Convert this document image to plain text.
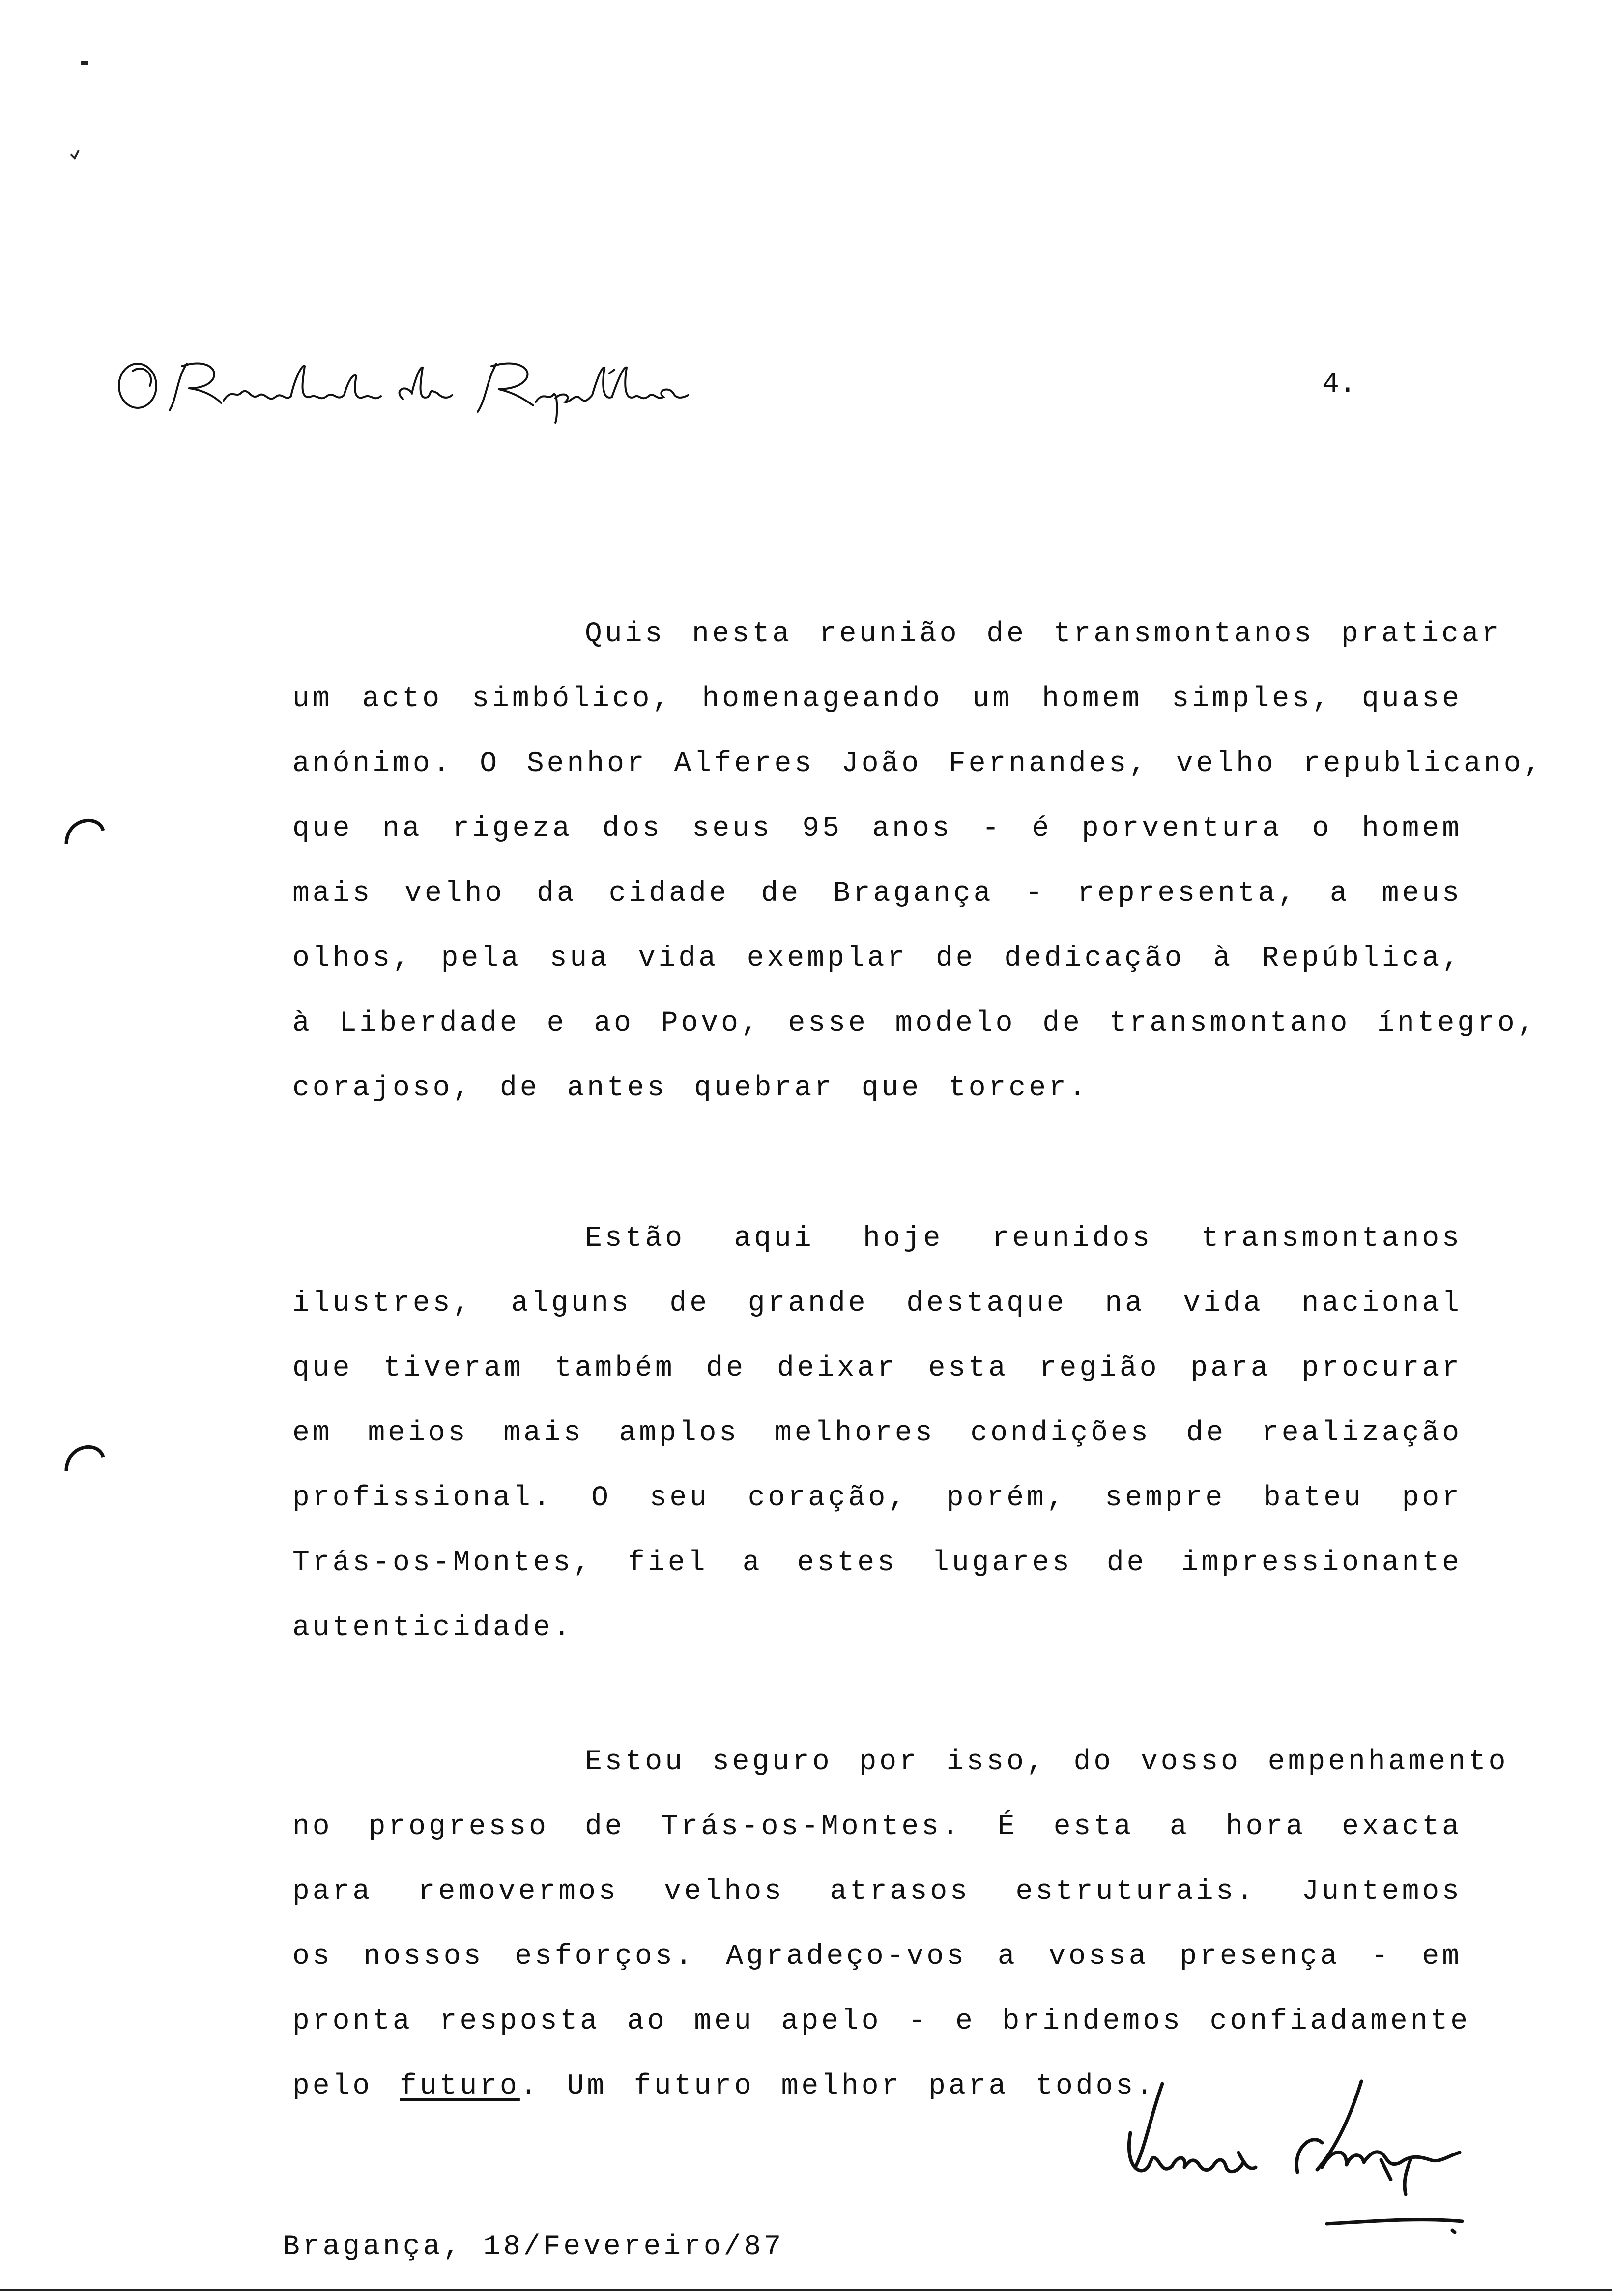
4.
Quis nesta reunião de transmontanos praticar
um acto simbólico, homenageando um homem simples, quase
anónimo. O Senhor Alferes João Fernandes, velho republicano,
que na rigeza dos seus 95 anos - é porventura o homem
mais velho da cidade de Bragança - representa, a meus
olhos, pela sua vida exemplar de dedicação à República,
à Liberdade e ao Povo, esse modelo de transmontano íntegro,
corajoso, de antes quebrar que torcer.
Estão aqui hoje reunidos transmontanos
ilustres, alguns de grande destaque na vida nacional
que tiveram também de deixar esta região para procurar
em meios mais amplos melhores condições de realização
profissional. O seu coração, porém, sempre bateu por
Trás-os-Montes, fiel a estes lugares de impressionante
autenticidade.
Estou seguro por isso, do vosso empenhamento
no progresso de Trás-os-Montes. É esta a hora exacta
para removermos velhos atrasos estruturais. Juntemos
os nossos esforços. Agradeço-vos a vossa presença - em
pronta resposta ao meu apelo - e brindemos confiadamente
pelo futuro. Um futuro melhor para todos.
Bragança, 18/Fevereiro/87
